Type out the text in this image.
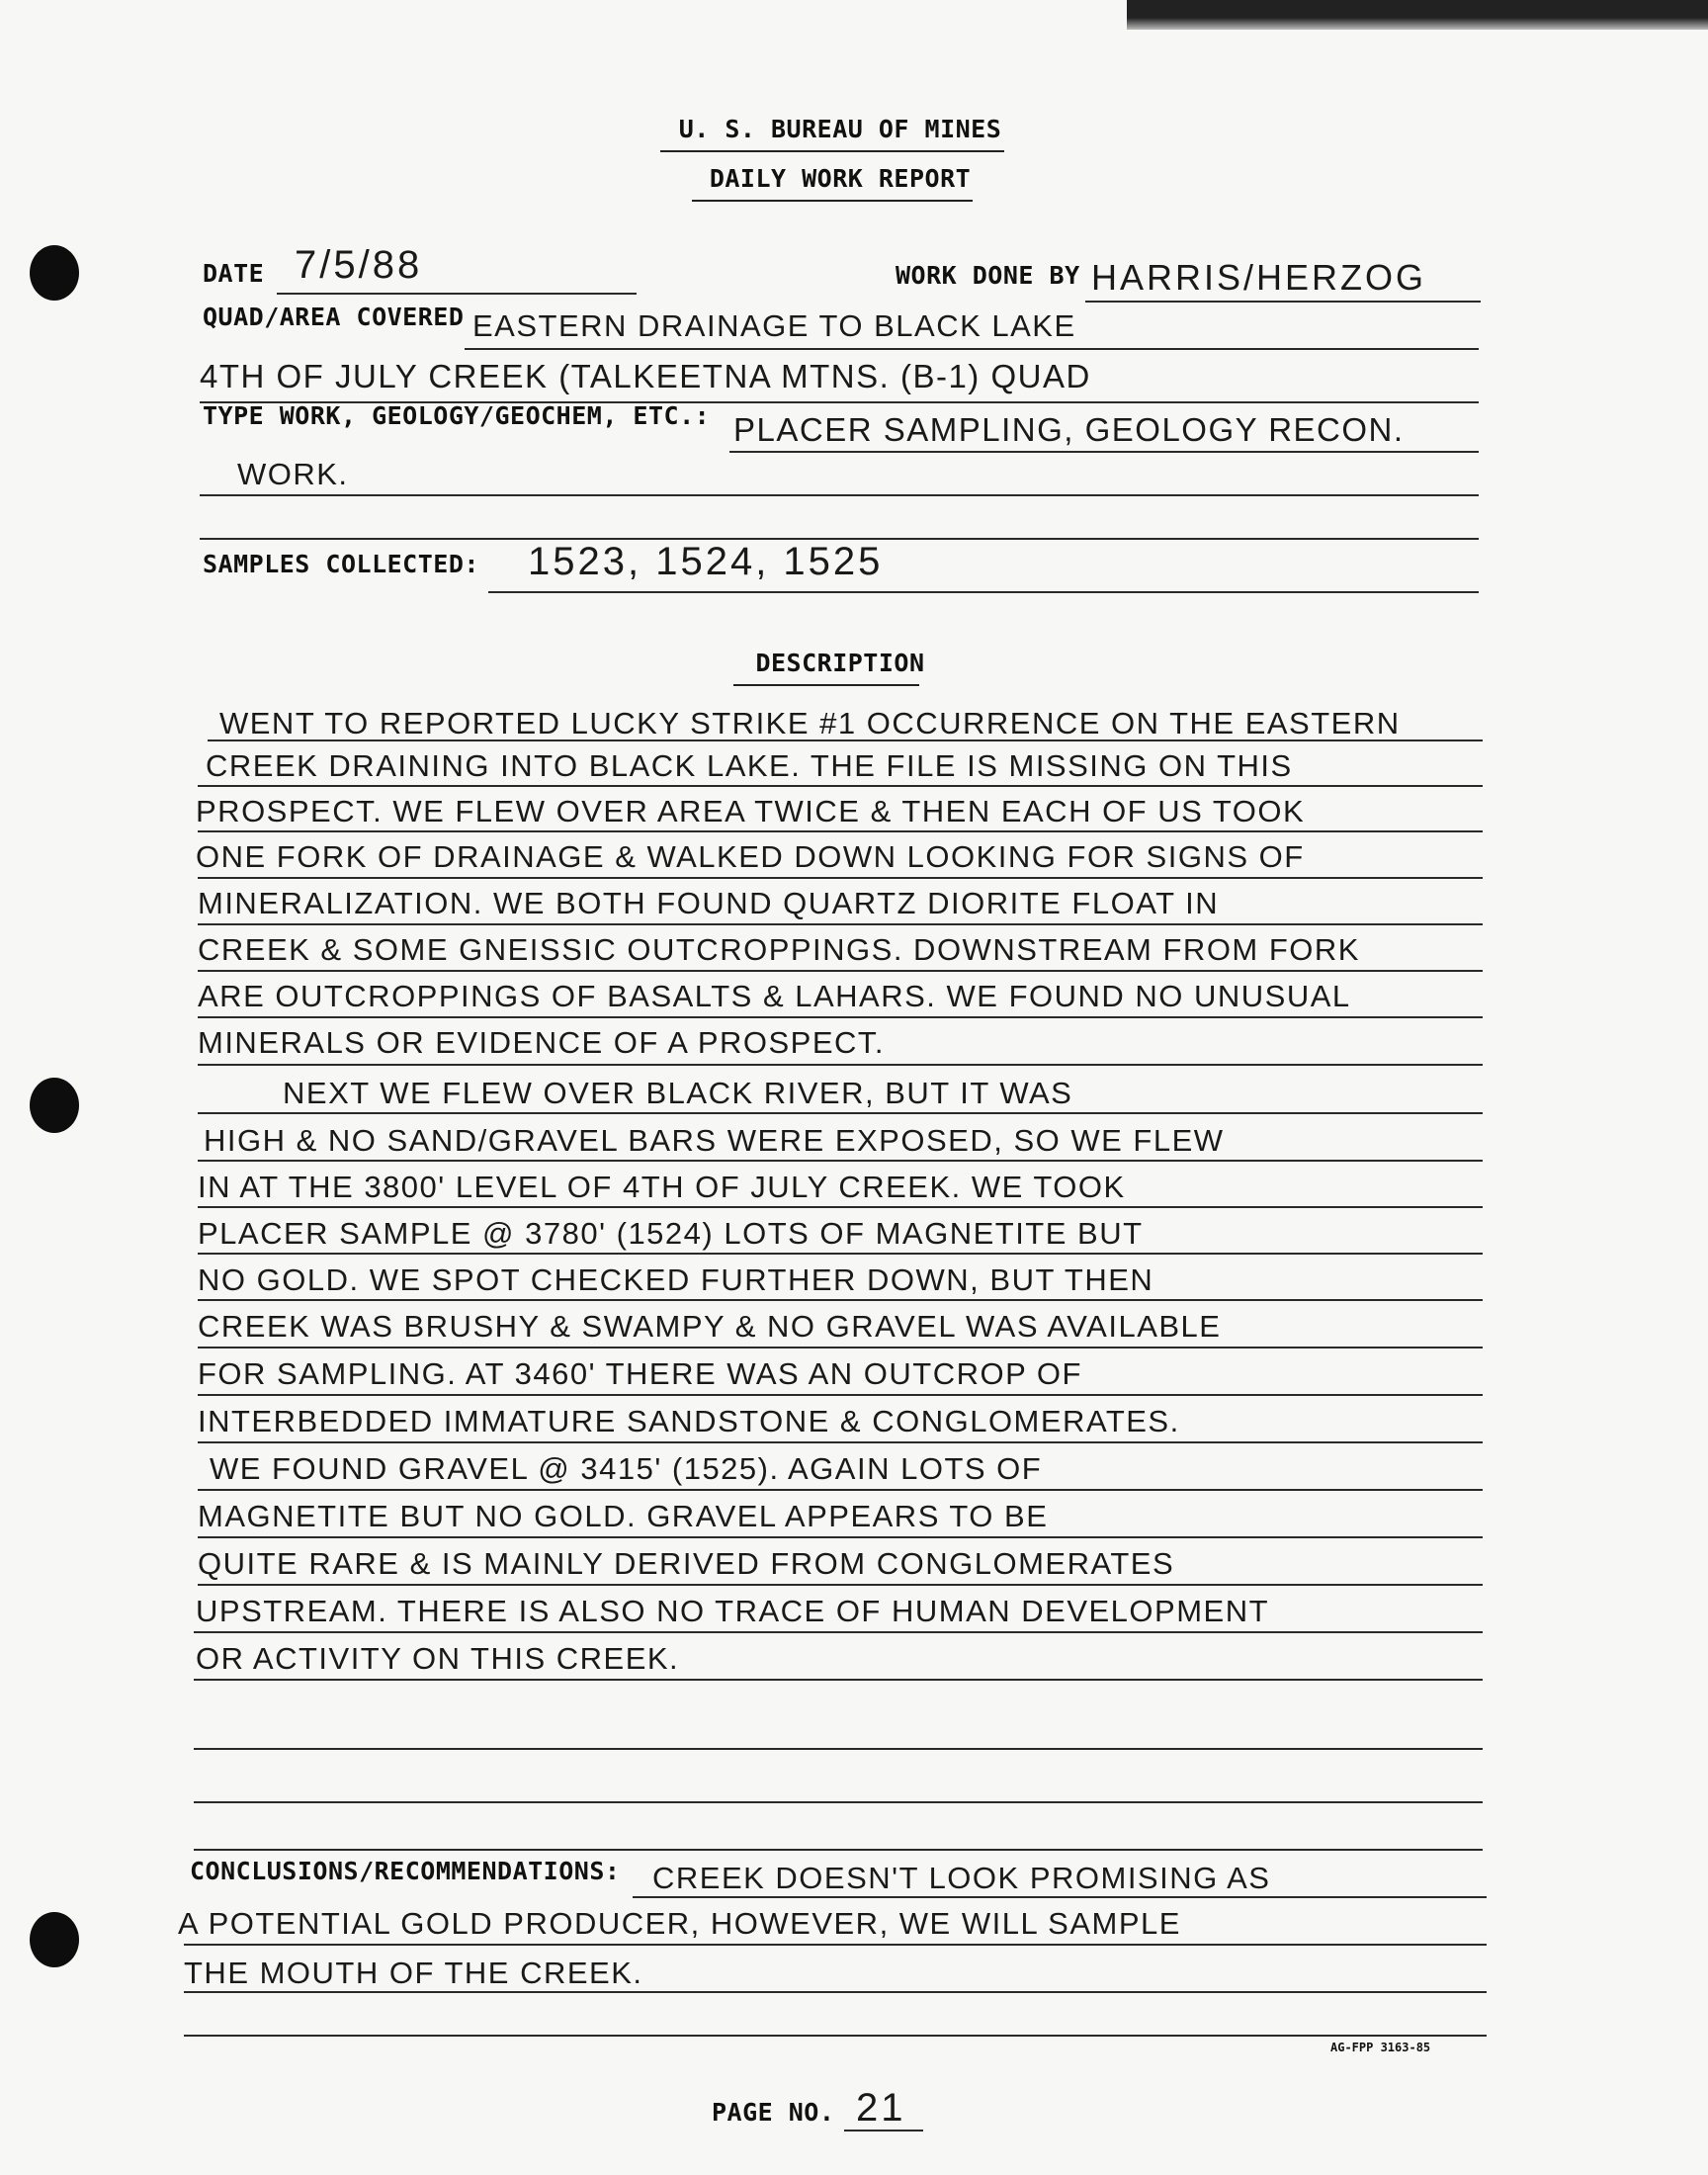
U. S. BUREAU OF MINES
DAILY WORK REPORT
DATE 7/5/88	WORK DONE BY HARRIS/HERZOG
QUAD/AREA COVERED EASTERN DRAINAGE TO BLACK LAKE
4TH OF JULY CREEK (TALKEETNA MTNS. (B-1) QUAD
TYPE WORK, GEOLOGY/GEOCHEM, ETC.: PLACER SAMPLING, GEOLOGY RECON.
WORK.
SAMPLES COLLECTED: 1523, 1524, 1525
DESCRIPTION
WENT TO REPORTED LUCKY STRIKE #1 OCCURRENCE ON THE EASTERN
CREEK DRAINING INTO BLACK LAKE. THE FILE IS MISSING ON THIS
PROSPECT. WE FLEW OVER AREA TWICE & THEN EACH OF US TOOK
ONE FORK OF DRAINAGE & WALKED DOWN LOOKING FOR SIGNS OF
MINERALIZATION. WE BOTH FOUND QUARTZ DIORITE FLOAT IN
CREEK & SOME GNEISSIC OUTCROPPINGS. DOWNSTREAM FROM FORK
ARE OUTCROPPINGS OF BASALTS & LAHARS. WE FOUND NO UNUSUAL
MINERALS OR EVIDENCE OF A PROSPECT.
NEXT WE FLEW OVER BLACK RIVER, BUT IT WAS
HIGH & NO SAND/GRAVEL BARS WERE EXPOSED, SO WE FLEW
IN AT THE 3800' LEVEL OF 4TH OF JULY CREEK. WE TOOK
PLACER SAMPLE @ 3780' (1524) LOTS OF MAGNETITE BUT
NO GOLD. WE SPOT CHECKED FURTHER DOWN, BUT THEN
CREEK WAS BRUSHY & SWAMPY & NO GRAVEL WAS AVAILABLE
FOR SAMPLING. AT 3460' THERE WAS AN OUTCROP OF
INTERBEDDED IMMATURE SANDSTONE & CONGLOMERATES.
WE FOUND GRAVEL @ 3415' (1525). AGAIN LOTS OF
MAGNETITE BUT NO GOLD. GRAVEL APPEARS TO BE
QUITE RARE & IS MAINLY DERIVED FROM CONGLOMERATES
UPSTREAM. THERE IS ALSO NO TRACE OF HUMAN DEVELOPMENT
OR ACTIVITY ON THIS CREEK.
CONCLUSIONS/RECOMMENDATIONS: CREEK DOESN'T LOOK PROMISING AS
A POTENTIAL GOLD PRODUCER, HOWEVER, WE WILL SAMPLE
THE MOUTH OF THE CREEK.
AG-FPP 3163-85
PAGE NO. 21
